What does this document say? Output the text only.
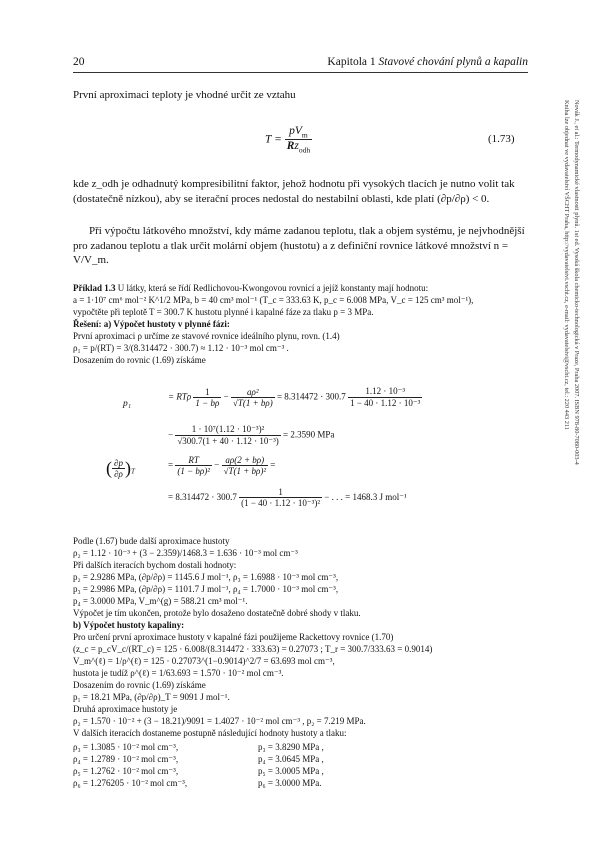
20	Kapitola 1 Stavové chování plynů a kapalin
Novák J., et al.: Termodynamické vlastnosti plynů. 1st ed. Vysoká škola chemicko-technologická v Praze, Praha 2007. ISBN 978-80-7080-003-4
Kniha lze objednat ve vydavatelství VŠCHT Praha, http://vydavatelstvi.vscht.cz, e-mail: vydavatelstvi@vscht.cz, tel.: 220 443 211
První aproximaci teploty je vhodné určit ze vztahu
$T = \frac{pV_m}{Rz_{odh}}$	(1.73)
kde z_odh je odhadnutý kompresibilitní faktor, jehož hodnotu při vysokých tlacích je nutno volit tak (dostatečně nízkou), aby se iterační proces nedostal do nestabilní oblasti, kde platí (∂p/∂ρ) < 0.
Při výpočtu látkového množství, kdy máme zadanou teplotu, tlak a objem systému, je nejvhodnější pro zadanou teplotu a tlak určit molární objem (hustotu) a z definiční rovnice látkové množství n = V/V_m.
Příklad 1.3 U látky, která se řídí Redlichovou-Kwongovou rovnicí a jejíž konstanty mají hodnotu:
a = 1·10⁷ cm⁶ mol⁻² K^1/2 MPa, b = 40 cm³ mol⁻¹ (T_c = 333.63 K, p_c = 6.008 MPa, V_c = 125 cm³ mol⁻¹),
vypočtěte při teplotě T = 300.7 K hustotu plynné i kapalné fáze za tlaku p = 3 MPa.
Řešení: a) Výpočet hustoty v plynné fázi:
První aproximaci ρ určíme ze stavové rovnice ideálního plynu, rovn. (1.4)
ρ₁ = p/(RT) = 3/(8.314472 · 300.7) ≈ 1.12 · 10⁻³ mol cm⁻³ .
Dosazením do rovnic (1.69) získáme
p₁
= RTρ $\frac{1}{1 - b\rho} - \frac{\text{aρ²}}{√T(1 + b\rho)} = 8.314472 \cdot 300.7 \frac{\text{1.12 · 10⁻³}}{\text{1 − 40 · 1.12 · 10⁻³}}$
− $\frac{\text{1 · 10⁷(1.12 · 10⁻³)²}}{\text{√300.7(1 + 40 · 1.12 · 10⁻³)}} = 2.3590$ MPa
( $\frac{\partial p}{\partial\rho} )_T$
= $\frac{RT}{\text{(1 − bρ)²}} - \frac{a\rho(2 + b\rho)}{\text{√T(1 + bρ)²}}$ =
= $8.314472 \cdot 300.7 \frac{1}{\text{(1 − 40 · 1.12 · 10⁻³)²}}$ − . . . = 1468.3 J mol⁻¹
Podle (1.67) bude další aproximace hustoty
ρ₂ = 1.12 · 10⁻³ + (3 − 2.359)/1468.3 = 1.636 · 10⁻³ mol cm⁻³
Při dalších iteracích bychom dostali hodnoty:
p₂ = 2.9286 MPa, (∂p/∂ρ) = 1145.6 J mol⁻¹, ρ₃ = 1.6988 · 10⁻³ mol cm⁻³,
p₃ = 2.9986 MPa, (∂p/∂ρ) = 1101.7 J mol⁻¹, ρ₄ = 1.7000 · 10⁻³ mol cm⁻³,
p₄ = 3.0000 MPa, V_m^(g) = 588.21 cm³ mol⁻¹.
Výpočet je tím ukončen, protože bylo dosaženo dostatečně dobré shody v tlaku.
b) Výpočet hustoty kapaliny:
Pro určení první aproximace hustoty v kapalné fázi použijeme Rackettovy rovnice (1.70)
(z_c = p_cV_c/(RT_c) = 125 · 6.008/(8.314472 · 333.63) = 0.27073 ; T_r = 300.7/333.63 = 0.9014)
V_m^(ℓ) = 1/ρ^(ℓ) = 125 · 0.27073^(1−0.9014)^2/7 = 63.693 mol cm⁻³,
hustota je tudíž ρ^(ℓ) = 1/63.693 = 1.570 · 10⁻² mol cm⁻³.
Dosazením do rovnic (1.69) získáme
p₁ = 18.21 MPa, (∂p/∂ρ)_T = 9091 J mol⁻¹.
Druhá aproximace hustoty je
ρ₂ = 1.570 · 10⁻² + (3 − 18.21)/9091 = 1.4027 · 10⁻² mol cm⁻³ , p₂ = 7.219 MPa.
V dalších iteracích dostaneme postupně následující hodnoty hustoty a tlaku:
ρ₃ = 1.3085 · 10⁻² mol cm⁻³,
ρ₄ = 1.2789 · 10⁻² mol cm⁻³,
ρ₅ = 1.2762 · 10⁻² mol cm⁻³,
ρ₆ = 1.276205 · 10⁻² mol cm⁻³,
p₃ = 3.8290 MPa ,
p₄ = 3.0645 MPa ,
p₅ = 3.0005 MPa ,
p₆ = 3.0000 MPa.
